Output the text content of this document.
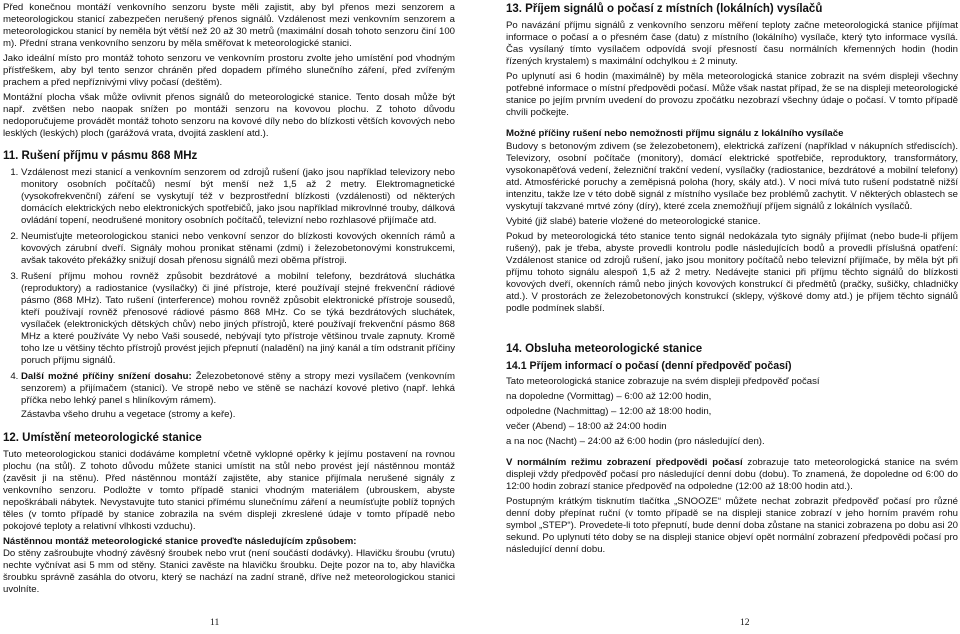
Před konečnou montáží venkovního senzoru byste měli zajistit, aby byl přenos mezi senzorem a meteorologickou stanicí zabezpečen nerušený přenos signálů. Vzdálenost mezi venkovním senzorem a meteorologickou stanicí by neměla být větší než 20 až 30 metrů (maximální dosah tohoto senzoru činí 100 m). Přední strana venkovního senzoru by měla směřovat k meteorologické stanici.

Jako ideální místo pro montáž tohoto senzoru ve venkovním prostoru zvolte jeho umístění pod vhodným přístřeškem, aby byl tento senzor chráněn před dopadem přímého slunečního záření, před zvířeným prachem a před nepříznivými vlivy počasí (deštěm).

Montážní plocha však může ovlivnit přenos signálů do meteorologické stanice. Tento dosah může být např. zvětšen nebo naopak snížen po montáži senzoru na kovovou plochu. Z tohoto důvodu nedoporučujeme provádět montáž tohoto senzoru na kovové díly nebo do blízkosti větších kovových nebo lesklých (leských) ploch (garážová vrata, dvojitá zasklení atd.).

11. Rušení příjmu v pásmu 868 MHz

1. Vzdálenost mezi stanicí a venkovním senzorem od zdrojů rušení (jako jsou například televizory nebo monitory osobních počítačů) nesmí být menší než 1,5 až 2 metry. Elektromagnetické (vysokofrekvenční) záření se vyskytují též v bezprostřední blízkosti (vzdálenosti) od některých domácích elektrických nebo elektronických spotřebičů, jako jsou například mikrovlnné trouby, dálková ovládání topení, neodrušené monitory osobních počítačů, televizní nebo rozhlasové přijímače atd.

2. Neumisťujte meteorologickou stanici nebo venkovní senzor do blízkosti kovových okenních rámů a kovových zárubní dveří. Signály mohou pronikat stěnami (zdmi) i železobetonovými konstrukcemi, avšak takovéto překážky snižují dosah přenosu signálů mezi oběma přístroji.

3. Rušení příjmu mohou rovněž způsobit bezdrátové a mobilní telefony, bezdrátová sluchátka (reproduktory) a radiostanice (vysílačky) či jiné přístroje, které používají stejné frekvenční rádiové pásmo (868 MHz). Tato rušení (interference) mohou rovněž způsobit elektronické přístroje sousedů, kteří používají rovněž přenosové rádiové pásmo 868 MHz. Co se týká bezdrátových sluchátek, vysílaček (elektronických dětských chův) nebo jiných přístrojů, které používají frekvenční pásmo 868 MHz a které používáte Vy nebo Vaši sousedé, nebývají tyto přístroje většinou trvale zapnuty. Kromě toho lze u většiny těchto přístrojů provést jejich přepnutí (naladění) na jiný kanál a tím odstranit příčiny poruch příjmu signálů.

4. Další možné příčiny snížení dosahu: Železobetonové stěny a stropy mezi vysílačem (venkovním senzorem) a přijímačem (stanicí). Ve stropě nebo ve stěně se nachází kovové pletivo (např. lehká příčka nebo lehký panel s hliníkovým rámem).

Zástavba všeho druhu a vegetace (stromy a keře).

12. Umístění meteorologické stanice

Tuto meteorologickou stanici dodáváme kompletní včetně vyklopné opěrky k jejímu postavení na rovnou plochu (na stůl). Z tohoto důvodu můžete stanici umístit na stůl nebo provést její nástěnnou montáž (zavěsit ji na stěnu). Před nástěnnou montáží zajistěte, aby stanice přijímala nerušené signály z venkovního senzoru. Podložte v tomto případě stanici vhodným materiálem (ubrouskem, abyste nepoškrábali nábytek. Nevystavujte tuto stanici přímému slunečnímu záření a neumísťujte poblíž topných těles (v tomto případě by stanice zobrazila na svém displeji zkreslené údaje v tomto případě nebo pokojové teploty a relativní vlhkosti vzduchu).

Nástěnnou montáž meteorologické stanice proveďte následujícím způsobem:

Do stěny zašroubujte vhodný závěsný šroubek nebo vrut (není součástí dodávky). Hlavičku šroubu (vrutu) nechte vyčnívat asi 5 mm od stěny. Stanici zavěste na hlavičku šroubku. Dejte pozor na to, aby hlavička šroubku správně zasáhla do otvoru, který se nachází na zadní straně, dříve než meteorologickou stanici uvolníte.

13. Příjem signálů o počasí z místních (lokálních) vysílačů

Po navázání příjmu signálů z venkovního senzoru měření teploty začne meteorologická stanice přijímat informace o počasí a o přesném čase (datu) z místního (lokálního) vysílače, který tyto informace vysílá. Čas vysílaný tímto vysílačem odpovídá svojí přesností času normálních křemenných hodin (hodin řízených krystalem) s maximální odchylkou ± 2 minuty.

Po uplynutí asi 6 hodin (maximálně) by měla meteorologická stanice zobrazit na svém displeji všechny potřebné informace o místní předpovědi počasí. Může však nastat případ, že se na displeji meteorologické stanice po jejím prvním uvedení do provozu zpočátku nezobrazí všechny údaje o počasí. V tomto případě chvíli počkejte.

Možné příčiny rušení nebo nemožnosti příjmu signálu z lokálního vysílače

Budovy s betonovým zdivem (se železobetonem), elektrická zařízení (například v nákupních střediscích). Televizory, osobní počítače (monitory), domácí elektrické spotřebiče, reproduktory, transformátory, vysokonapěťová vedení, železniční trakční vedení, vysílačky (radiostanice, bezdrátové a mobilní telefony) atd. Atmosférické poruchy a zeměpisná poloha (hory, skály atd.). V noci mívá tuto rušení podstatně nižší intenzitu, takže lze v této době signál z místního vysílače bez problémů zachytit. V některých oblastech se vyskytují takzvané mrtvé zóny (díry), které zcela znemožňují příjem signálů z lokálních vysílačů.

Vybité (již slabé) baterie vložené do meteorologické stanice.

Pokud by meteorologická této stanice tento signál nedokázala tyto signály přijímat (nebo bude-li příjem rušený), pak je třeba, abyste provedli kontrolu podle následujících bodů a provedli příslušná opatření: Vzdálenost stanice od zdrojů rušení, jako jsou monitory počítačů nebo televizní přijímače, by měla být při příjmu tohoto signálu alespoň 1,5 až 2 metry. Nedávejte stanici při příjmu těchto signálů do blízkosti kovových dveří, okenních rámů nebo jiných kovových konstrukcí či předmětů (pračky, sušičky, chladničky atd.). V prostorách ze železobetonových konstrukcí (sklepy, výškové domy atd.) je příjem těchto signálů podle podmínek slabší.

14. Obsluha meteorologické stanice
14.1 Příjem informací o počasí (denní předpověď počasí)

Tato meteorologická stanice zobrazuje na svém displeji předpověď počasí

na dopoledne (Vormittag) – 6:00 až 12:00 hodin,

odpoledne (Nachmittag) – 12:00 až 18:00 hodin,

večer (Abend) – 18:00 až 24:00 hodin

a na noc (Nacht) – 24:00 až 6:00 hodin (pro následující den).

V normálním režimu zobrazení předpovědi počasí zobrazuje tato meteorologická stanice na svém displeji vždy předpověď počasí pro následující denní dobu (dobu). To znamená, že dopoledne od 6:00 do 12:00 hodin zobrazí stanice předpověď na odpoledne (12:00 až 18:00 hodin atd.).

Postupným krátkým tisknutím tlačítka „SNOOZE“ můžete nechat zobrazit předpověď počasí pro různé denní doby přepínat ruční (v tomto případě se na displeji stanice zobrazí v jeho horním pravém rohu symbol „STEP“). Provedete-li toto přepnutí, bude denní doba zůstane na stanici zobrazena po dobu asi 20 sekund. Po uplynutí této doby se na displeji stanice objeví opět normální zobrazení předpovědi počasí pro následující denní dobu.

11	12
